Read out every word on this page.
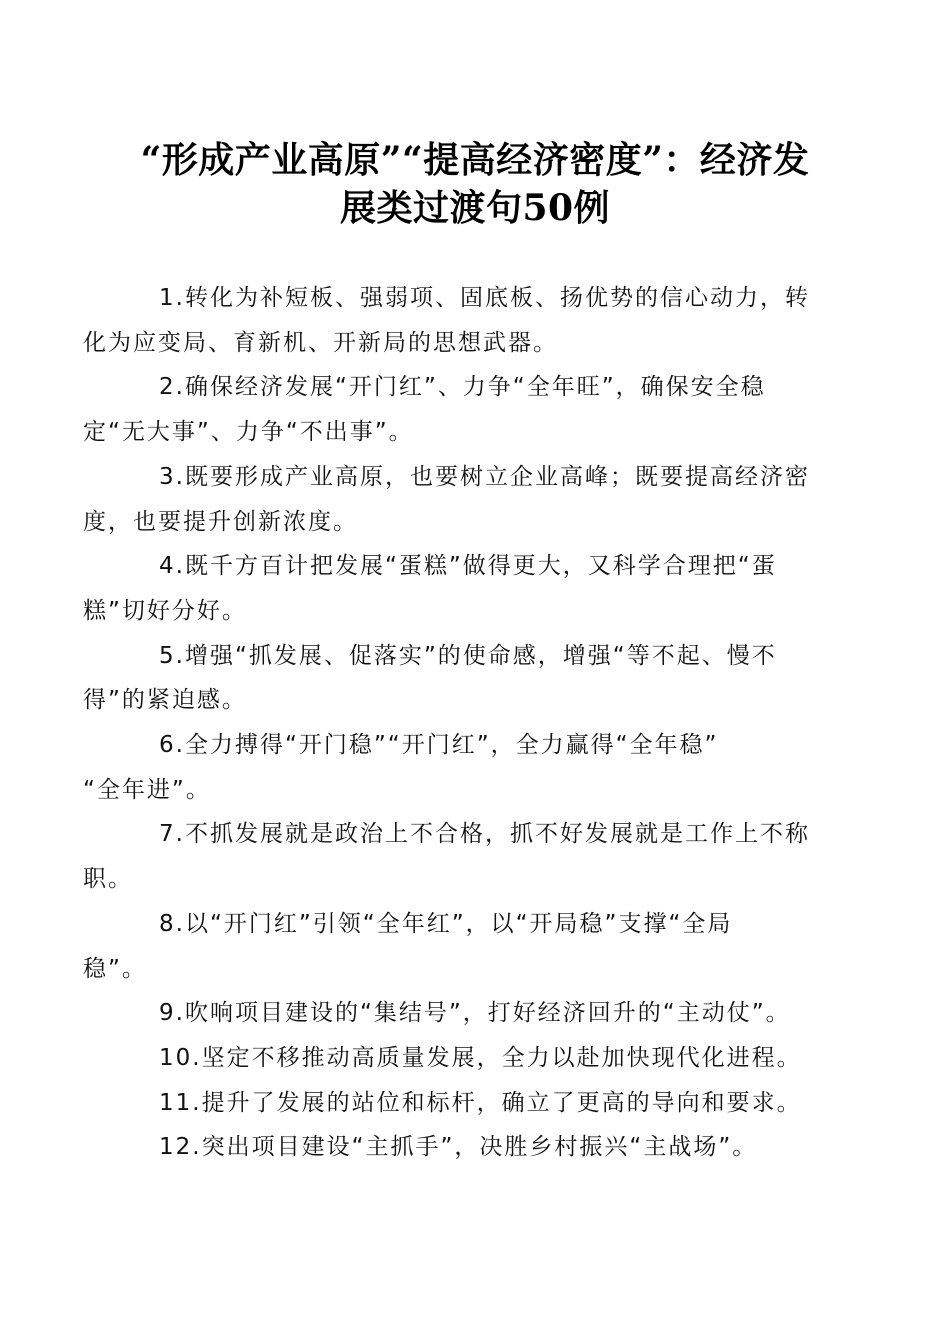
“形成产业高原”“提高经济密度”：经济发
展类过渡句50例

1.转化为补短板、强弱项、固底板、扬优势的信心动力，转
化为应变局、育新机、开新局的思想武器。

2.确保经济发展“开门红”、力争“全年旺”，确保安全稳
定“无大事”、力争“不出事”。

3.既要形成产业高原，也要树立企业高峰；既要提高经济密
度，也要提升创新浓度。

4.既千方百计把发展“蛋糕”做得更大，又科学合理把“蛋
糕”切好分好。

5.增强“抓发展、促落实”的使命感，增强“等不起、慢不
得”的紧迫感。

6.全力搏得“开门稳”“开门红”，全力赢得“全年稳”
“全年进”。

7.不抓发展就是政治上不合格，抓不好发展就是工作上不称
职。

8.以“开门红”引领“全年红”，以“开局稳”支撑“全局
稳”。

9.吹响项目建设的“集结号”，打好经济回升的“主动仗”。

10.坚定不移推动高质量发展，全力以赴加快现代化进程。

11.提升了发展的站位和标杆，确立了更高的导向和要求。

12.突出项目建设“主抓手”，决胜乡村振兴“主战场”。
